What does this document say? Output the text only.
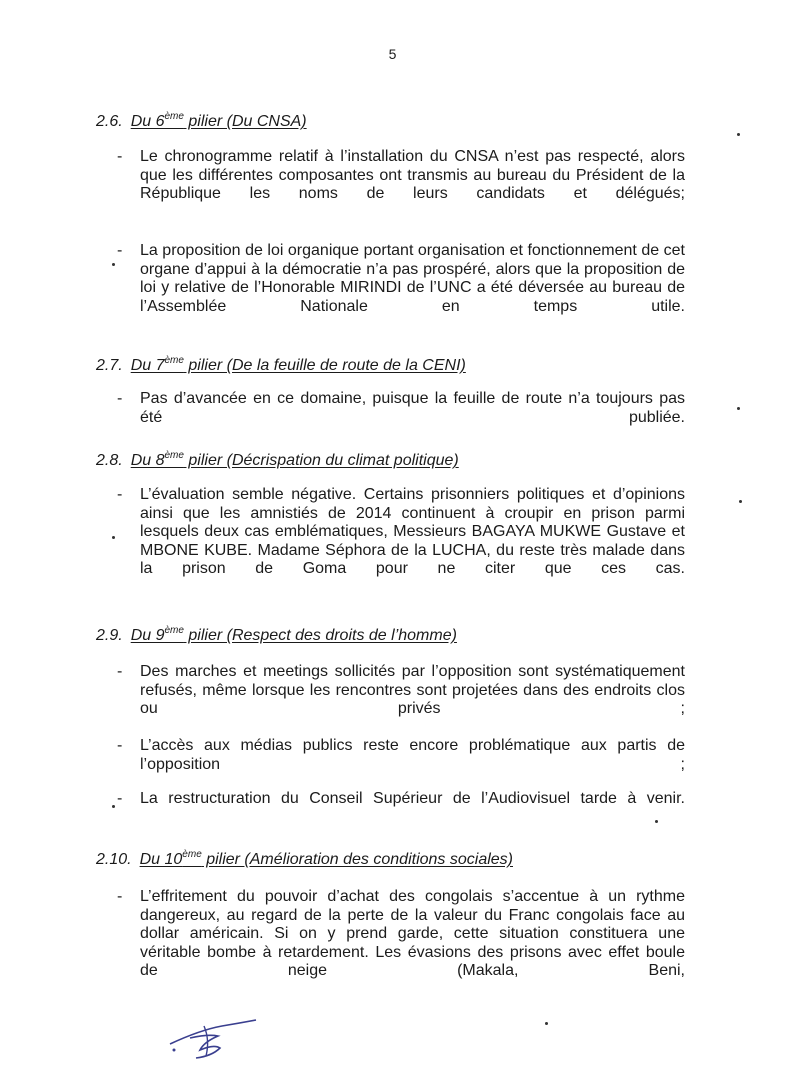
5
2.6. Du 6ème pilier (Du CNSA)
- Le chronogramme relatif à l’installation du CNSA n’est pas respecté, alors que les différentes composantes ont transmis au bureau du Président de la République les noms de leurs candidats et délégués;
- La proposition de loi organique portant organisation et fonctionnement de cet organe d’appui à la démocratie n’a pas prospéré, alors que la proposition de loi y relative de l’Honorable MIRINDI de l’UNC a été déversée au bureau de l’Assemblée Nationale en temps utile.
2.7. Du 7ème pilier (De la feuille de route de la CENI)
- Pas d’avancée en ce domaine, puisque la feuille de route n’a toujours pas été publiée.
2.8. Du 8ème pilier (Décrispation du climat politique)
- L’évaluation semble négative. Certains prisonniers politiques et d’opinions ainsi que les amnistiés de 2014 continuent à croupir en prison parmi lesquels deux cas emblématiques, Messieurs BAGAYA MUKWE Gustave et MBONE KUBE. Madame Séphora de la LUCHA, du reste très malade dans la prison de Goma pour ne citer que ces cas.
2.9. Du 9ème pilier (Respect des droits de l’homme)
- Des marches et meetings sollicités par l’opposition sont systématiquement refusés, même lorsque les rencontres sont projetées dans des endroits clos ou privés ;
- L’accès aux médias publics reste encore problématique aux partis de l’opposition ;
- La restructuration du Conseil Supérieur de l’Audiovisuel tarde à venir.
2.10. Du 10ème pilier (Amélioration des conditions sociales)
- L’effritement du pouvoir d’achat des congolais s’accentue à un rythme dangereux, au regard de la perte de la valeur du Franc congolais face au dollar américain. Si on y prend garde, cette situation constituera une véritable bombe à retardement. Les évasions des prisons avec effet boule de neige (Makala, Beni,
